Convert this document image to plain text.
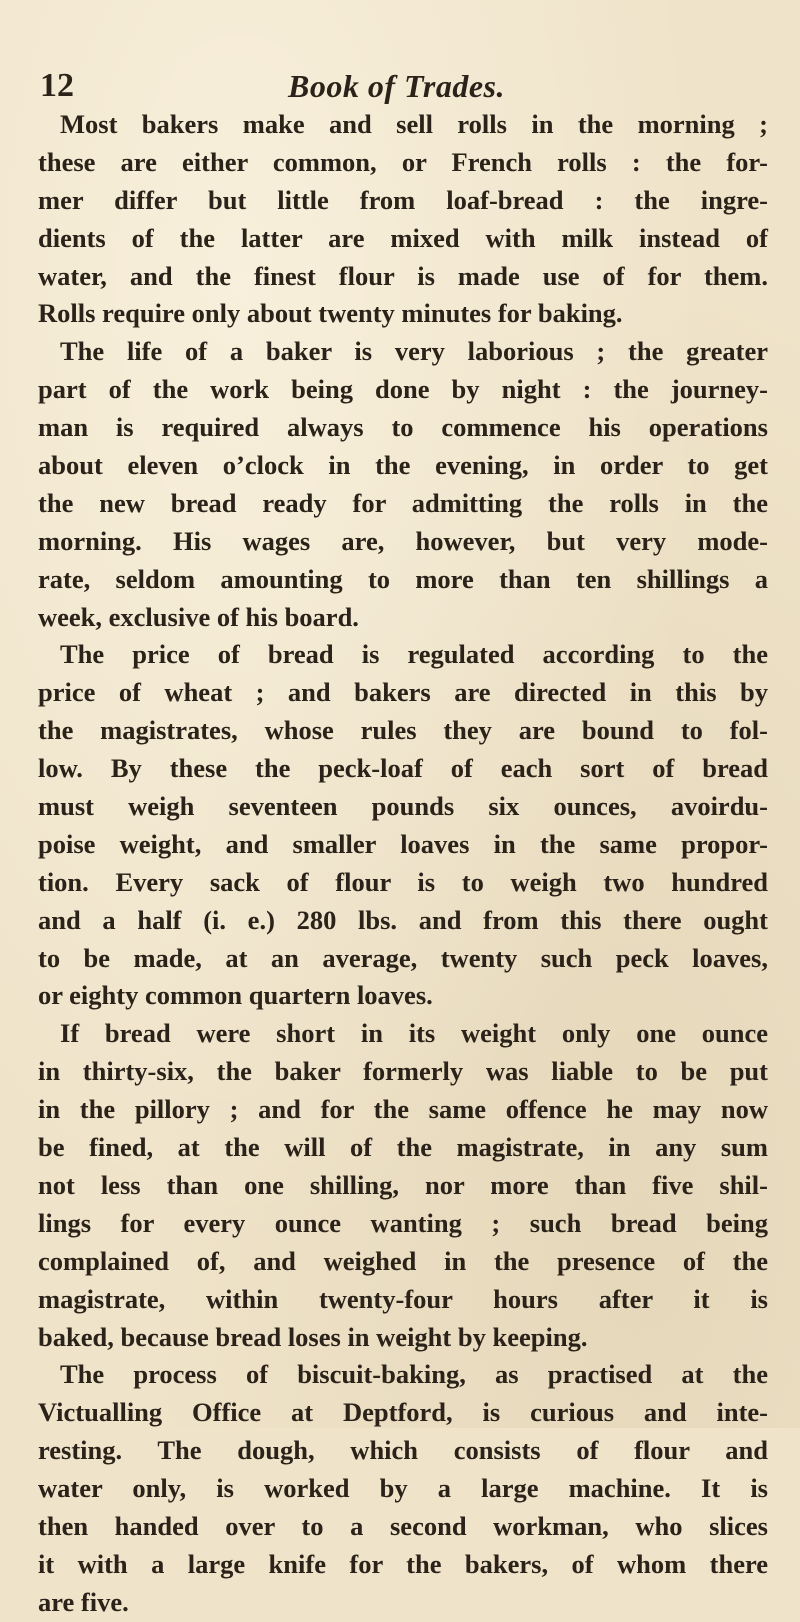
12	Book of Trades.
Most bakers make and sell rolls in the morning ;
these are either common, or French rolls : the for-
mer differ but little from loaf-bread : the ingre-
dients of the latter are mixed with milk instead of
water, and the finest flour is made use of for them.
Rolls require only about twenty minutes for baking.
The life of a baker is very laborious ; the greater
part of the work being done by night : the journey-
man is required always to commence his operations
about eleven o’clock in the evening, in order to get
the new bread ready for admitting the rolls in the
morning. His wages are, however, but very mode-
rate, seldom amounting to more than ten shillings a
week, exclusive of his board.
The price of bread is regulated according to the
price of wheat ; and bakers are directed in this by
the magistrates, whose rules they are bound to fol-
low. By these the peck-loaf of each sort of bread
must weigh seventeen pounds six ounces, avoirdu-
poise weight, and smaller loaves in the same propor-
tion. Every sack of flour is to weigh two hundred
and a half (i. e.) 280 lbs. and from this there ought
to be made, at an average, twenty such peck loaves,
or eighty common quartern loaves.
If bread were short in its weight only one ounce
in thirty-six, the baker formerly was liable to be put
in the pillory ; and for the same offence he may now
be fined, at the will of the magistrate, in any sum
not less than one shilling, nor more than five shil-
lings for every ounce wanting ; such bread being
complained of, and weighed in the presence of the
magistrate, within twenty-four hours after it is
baked, because bread loses in weight by keeping.
The process of biscuit-baking, as practised at the
Victualling Office at Deptford, is curious and inte-
resting. The dough, which consists of flour and
water only, is worked by a large machine. It is
then handed over to a second workman, who slices
it with a large knife for the bakers, of whom there
are five.
